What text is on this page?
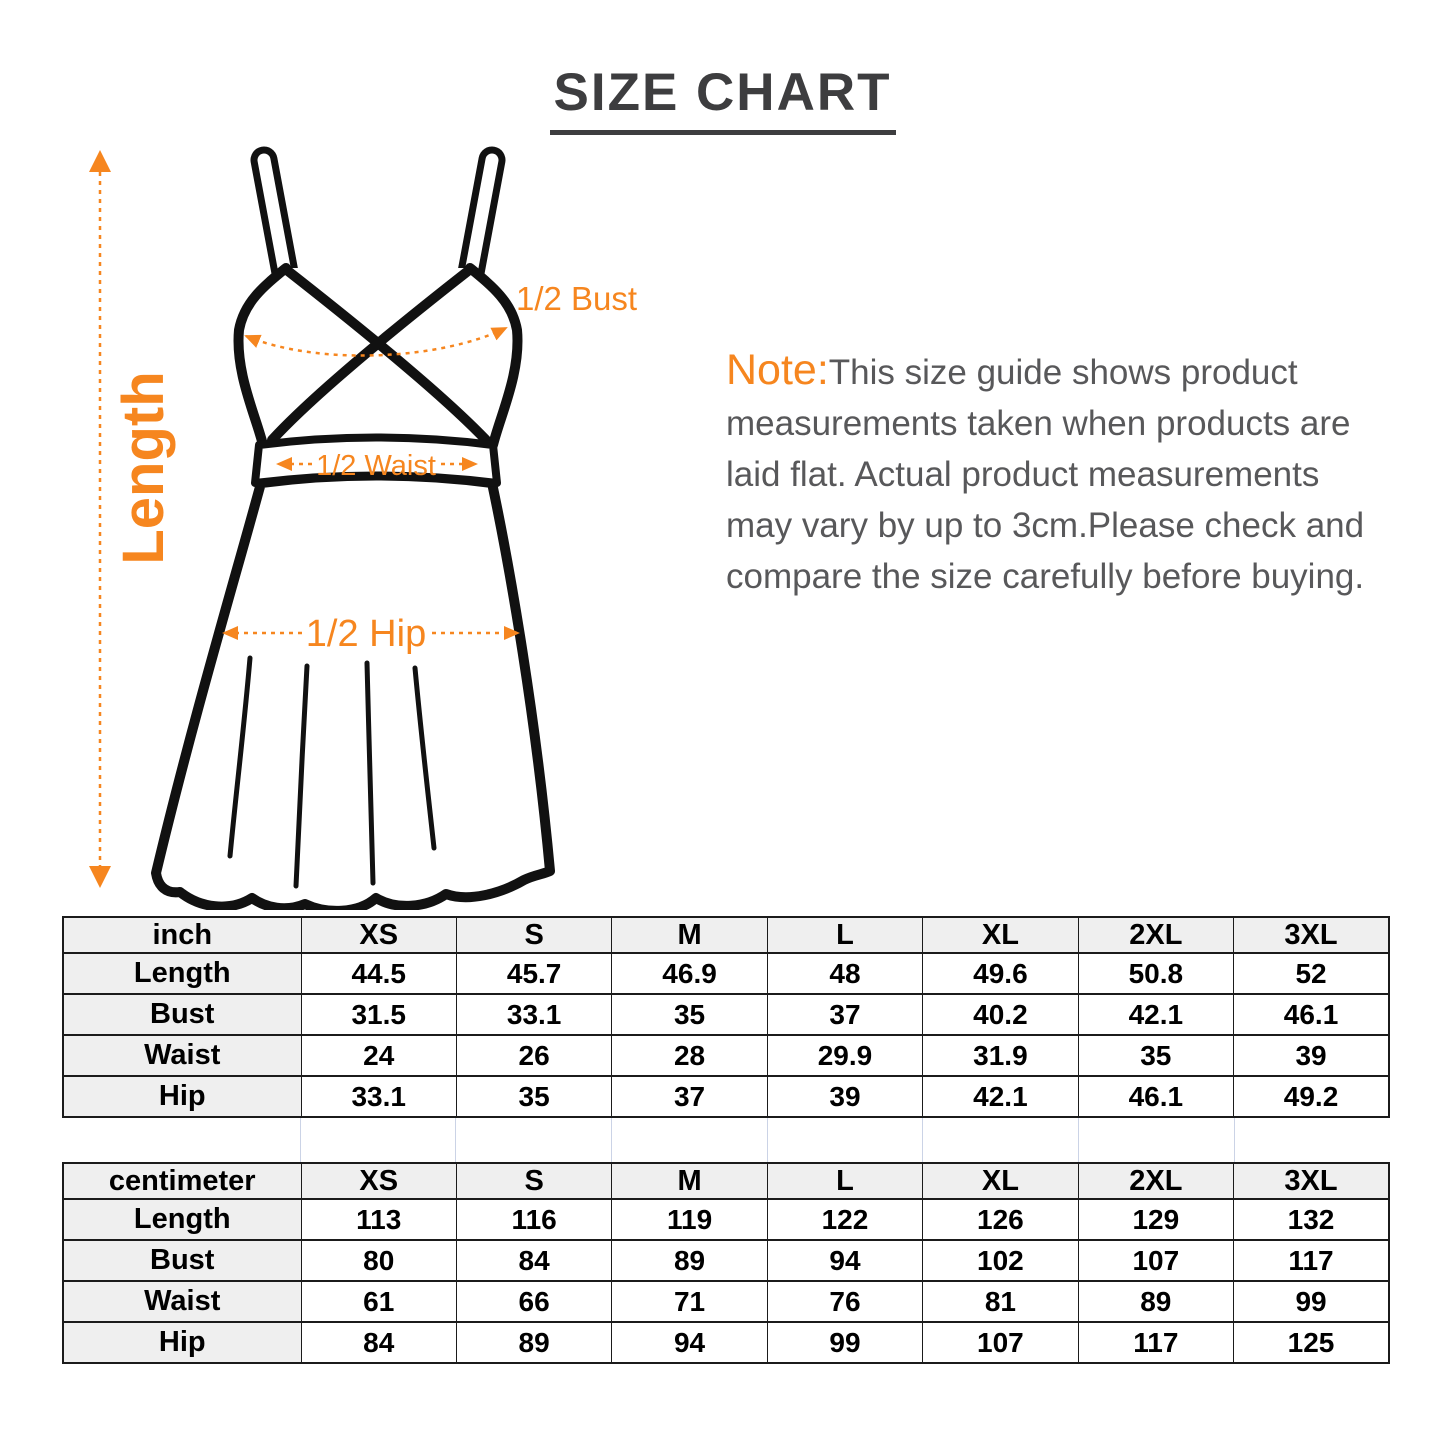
SIZE CHART
Length
1/2 Bust
1/2 Waist
1/2 Hip

Note:This size guide shows product measurements taken when products are laid flat. Actual product measurements may vary by up to 3cm.Please check and compare the size carefully before buying.

inch	XS	S	M	L	XL	2XL	3XL
Length	44.5	45.7	46.9	48	49.6	50.8	52
Bust	31.5	33.1	35	37	40.2	42.1	46.1
Waist	24	26	28	29.9	31.9	35	39
Hip	33.1	35	37	39	42.1	46.1	49.2

centimeter	XS	S	M	L	XL	2XL	3XL
Length	113	116	119	122	126	129	132
Bust	80	84	89	94	102	107	117
Waist	61	66	71	76	81	89	99
Hip	84	89	94	99	107	117	125
